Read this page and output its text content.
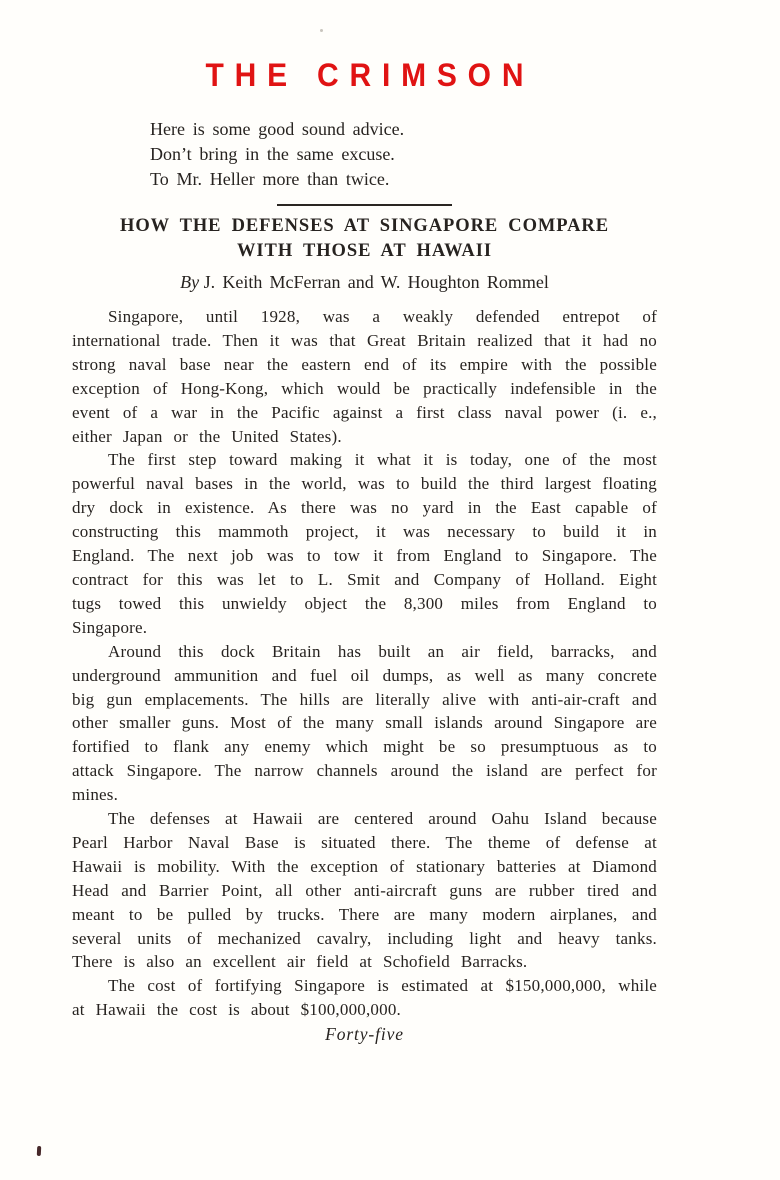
THE CRIMSON

Here is some good sound advice.

Don’t bring in the same excuse.

To Mr. Heller more than twice.

HOW THE DEFENSES AT SINGAPORE COMPARE
WITH THOSE AT HAWAII

By J. Keith McFerran and W. Houghton Rommel

Singapore, until 1928, was a weakly defended entrepot of international trade. Then it was that Great Britain realized that it had no strong naval base near the eastern end of its empire with the possible exception of Hong-Kong, which would be practically indefensible in the event of a war in the Pacific against a first class naval power (i. e., either Japan or the United States).

The first step toward making it what it is today, one of the most powerful naval bases in the world, was to build the third largest floating dry dock in existence. As there was no yard in the East capable of constructing this mammoth project, it was necessary to build it in England. The next job was to tow it from England to Singapore. The contract for this was let to L. Smit and Company of Holland. Eight tugs towed this unwieldy object the 8,300 miles from England to Singapore.

Around this dock Britain has built an air field, barracks, and underground ammunition and fuel oil dumps, as well as many concrete big gun emplacements. The hills are literally alive with anti-air-craft and other smaller guns. Most of the many small islands around Singapore are fortified to flank any enemy which might be so presumptuous as to attack Singapore. The narrow channels around the island are perfect for mines.

The defenses at Hawaii are centered around Oahu Island because Pearl Harbor Naval Base is situated there. The theme of defense at Hawaii is mobility. With the exception of stationary batteries at Diamond Head and Barrier Point, all other anti-aircraft guns are rubber tired and meant to be pulled by trucks. There are many modern airplanes, and several units of mechanized cavalry, including light and heavy tanks. There is also an excellent air field at Schofield Barracks.

The cost of fortifying Singapore is estimated at $150,000,000, while at Hawaii the cost is about $100,000,000.

Forty-five
